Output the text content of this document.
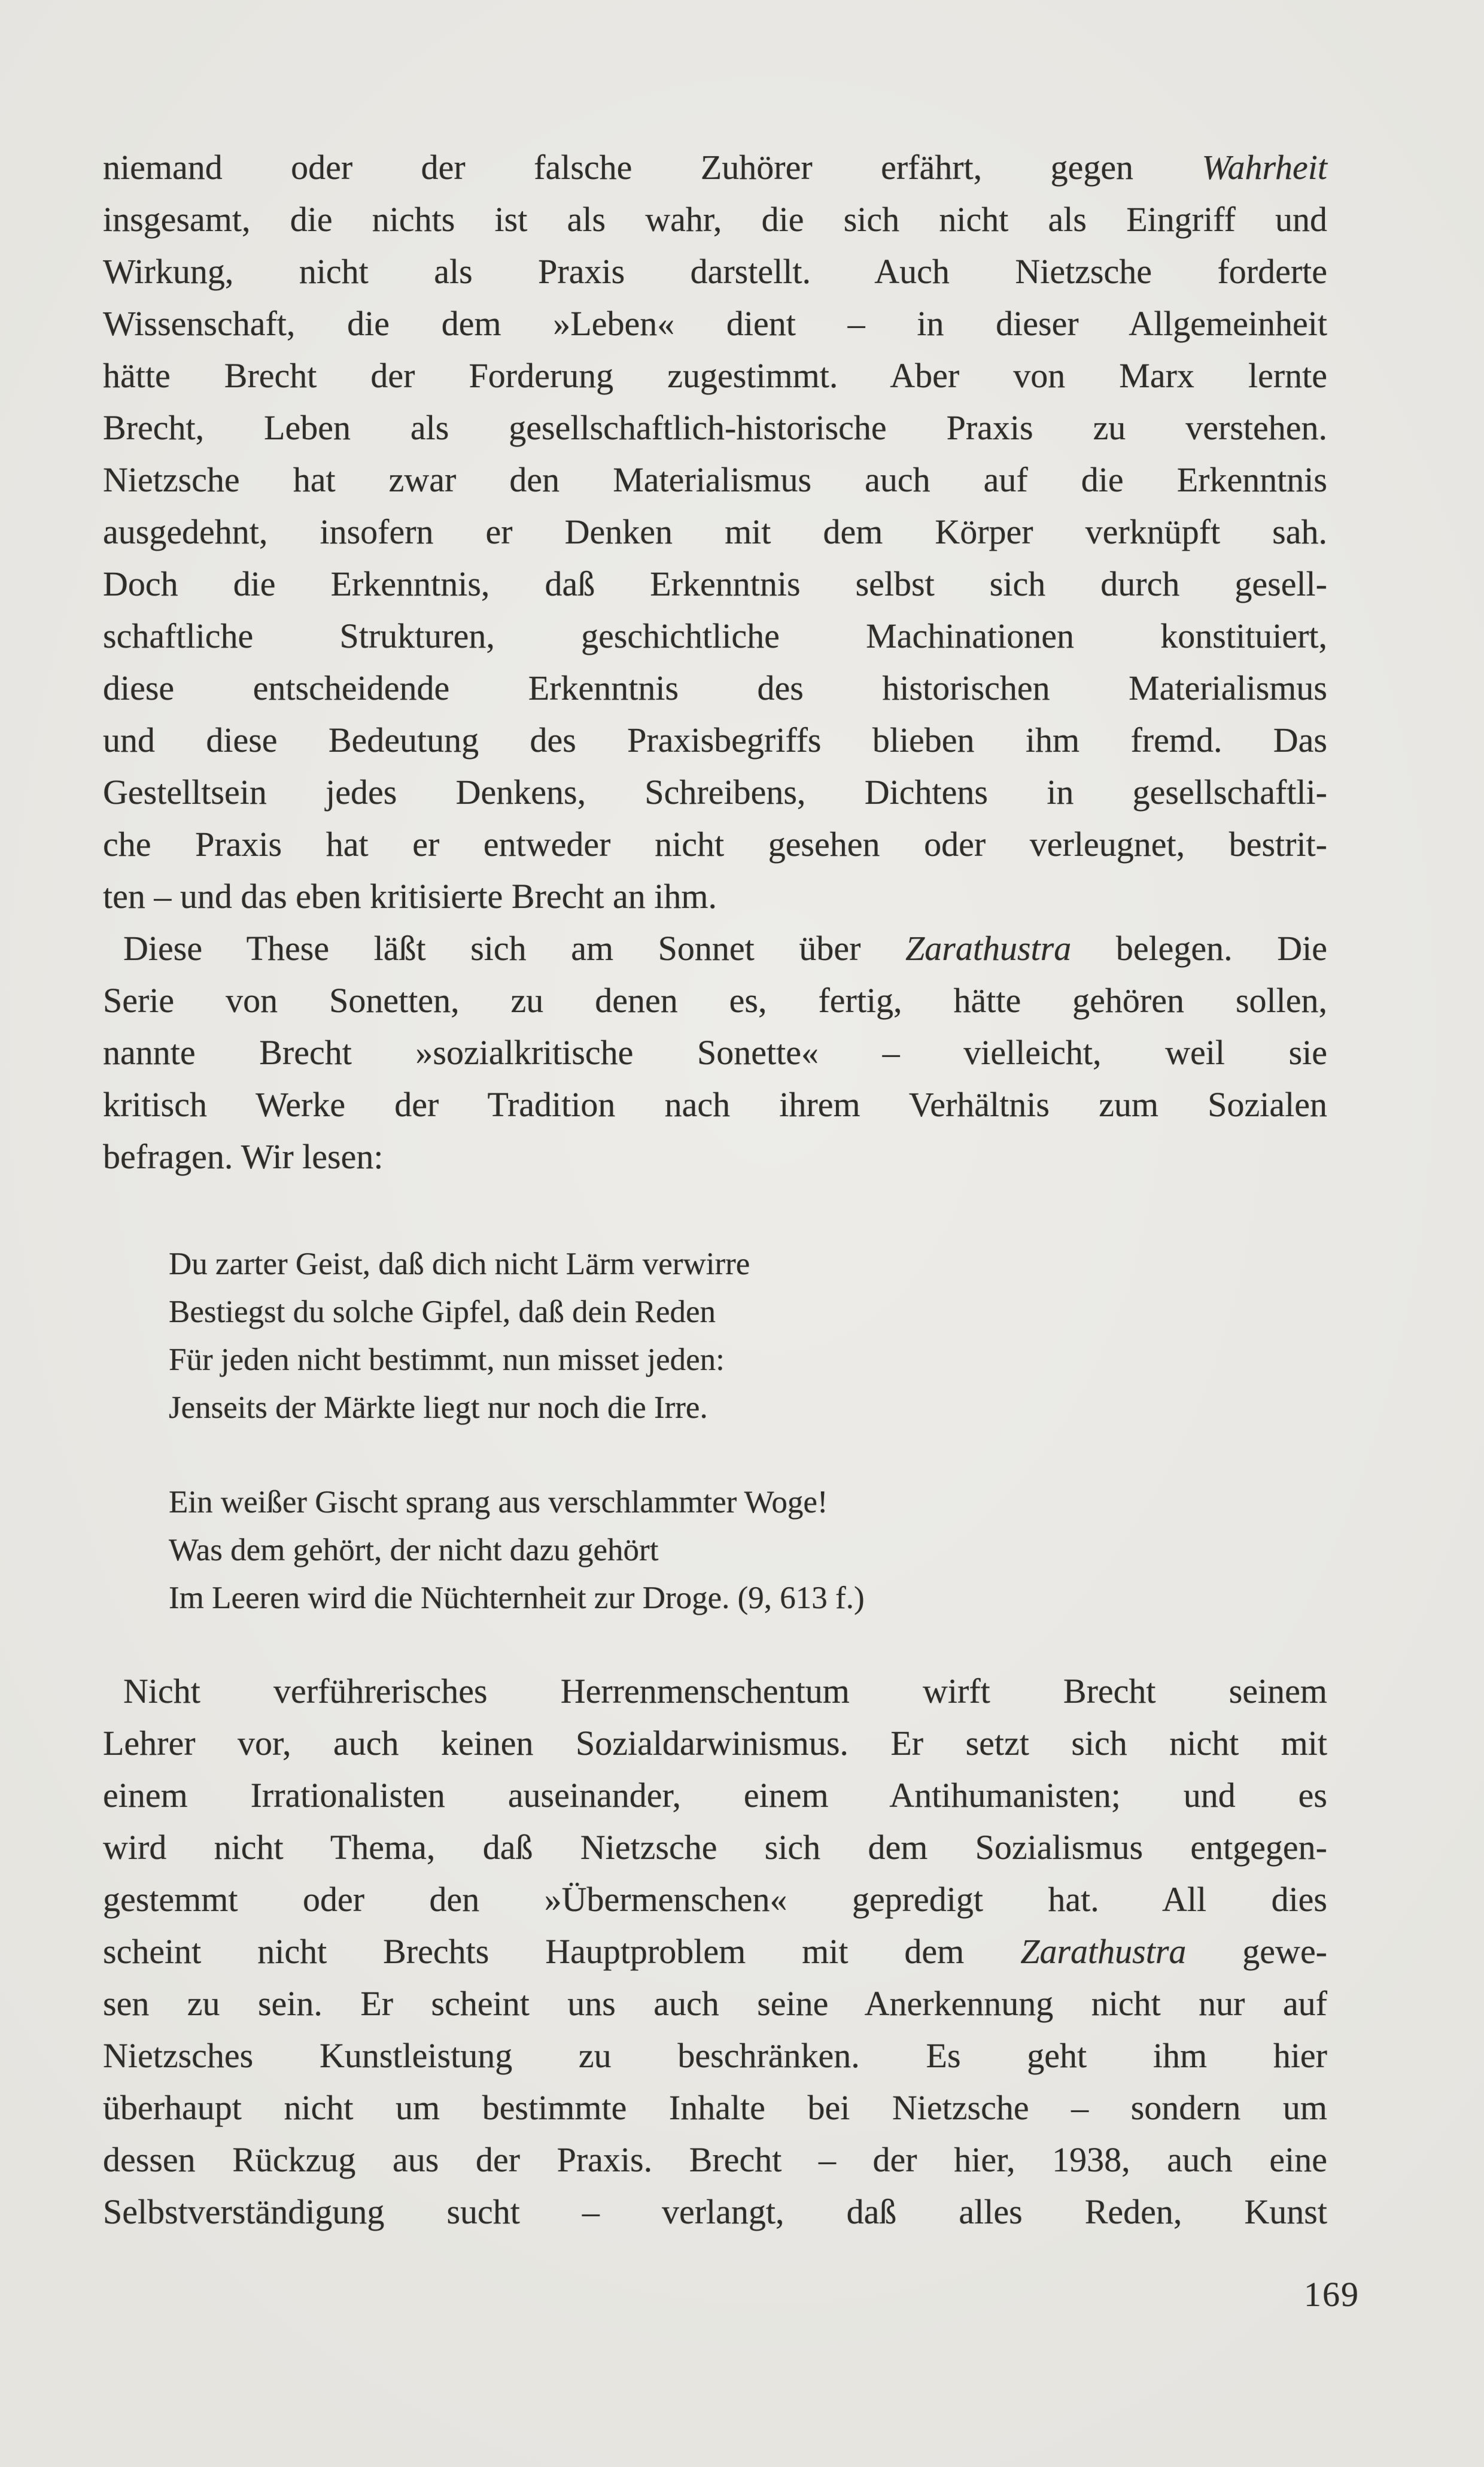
niemand oder der falsche Zuhörer erfährt, gegen Wahrheit
insgesamt, die nichts ist als wahr, die sich nicht als Eingriff und
Wirkung, nicht als Praxis darstellt. Auch Nietzsche forderte
Wissenschaft, die dem »Leben« dient – in dieser Allgemeinheit
hätte Brecht der Forderung zugestimmt. Aber von Marx lernte
Brecht, Leben als gesellschaftlich-historische Praxis zu verstehen.
Nietzsche hat zwar den Materialismus auch auf die Erkenntnis
ausgedehnt, insofern er Denken mit dem Körper verknüpft sah.
Doch die Erkenntnis, daß Erkenntnis selbst sich durch gesell-
schaftliche Strukturen, geschichtliche Machinationen konstituiert,
diese entscheidende Erkenntnis des historischen Materialismus
und diese Bedeutung des Praxisbegriffs blieben ihm fremd. Das
Gestelltsein jedes Denkens, Schreibens, Dichtens in gesellschaftli-
che Praxis hat er entweder nicht gesehen oder verleugnet, bestrit-
ten – und das eben kritisierte Brecht an ihm.
Diese These läßt sich am Sonnet über Zarathustra belegen. Die
Serie von Sonetten, zu denen es, fertig, hätte gehören sollen,
nannte Brecht »sozialkritische Sonette« – vielleicht, weil sie
kritisch Werke der Tradition nach ihrem Verhältnis zum Sozialen
befragen. Wir lesen:
Du zarter Geist, daß dich nicht Lärm verwirre
Bestiegst du solche Gipfel, daß dein Reden
Für jeden nicht bestimmt, nun misset jeden:
Jenseits der Märkte liegt nur noch die Irre.
Ein weißer Gischt sprang aus verschlammter Woge!
Was dem gehört, der nicht dazu gehört
Im Leeren wird die Nüchternheit zur Droge. (9, 613 f.)
Nicht verführerisches Herrenmenschentum wirft Brecht seinem
Lehrer vor, auch keinen Sozialdarwinismus. Er setzt sich nicht mit
einem Irrationalisten auseinander, einem Antihumanisten; und es
wird nicht Thema, daß Nietzsche sich dem Sozialismus entgegen-
gestemmt oder den »Übermenschen« gepredigt hat. All dies
scheint nicht Brechts Hauptproblem mit dem Zarathustra gewe-
sen zu sein. Er scheint uns auch seine Anerkennung nicht nur auf
Nietzsches Kunstleistung zu beschränken. Es geht ihm hier
überhaupt nicht um bestimmte Inhalte bei Nietzsche – sondern um
dessen Rückzug aus der Praxis. Brecht – der hier, 1938, auch eine
Selbstverständigung sucht – verlangt, daß alles Reden, Kunst
169
